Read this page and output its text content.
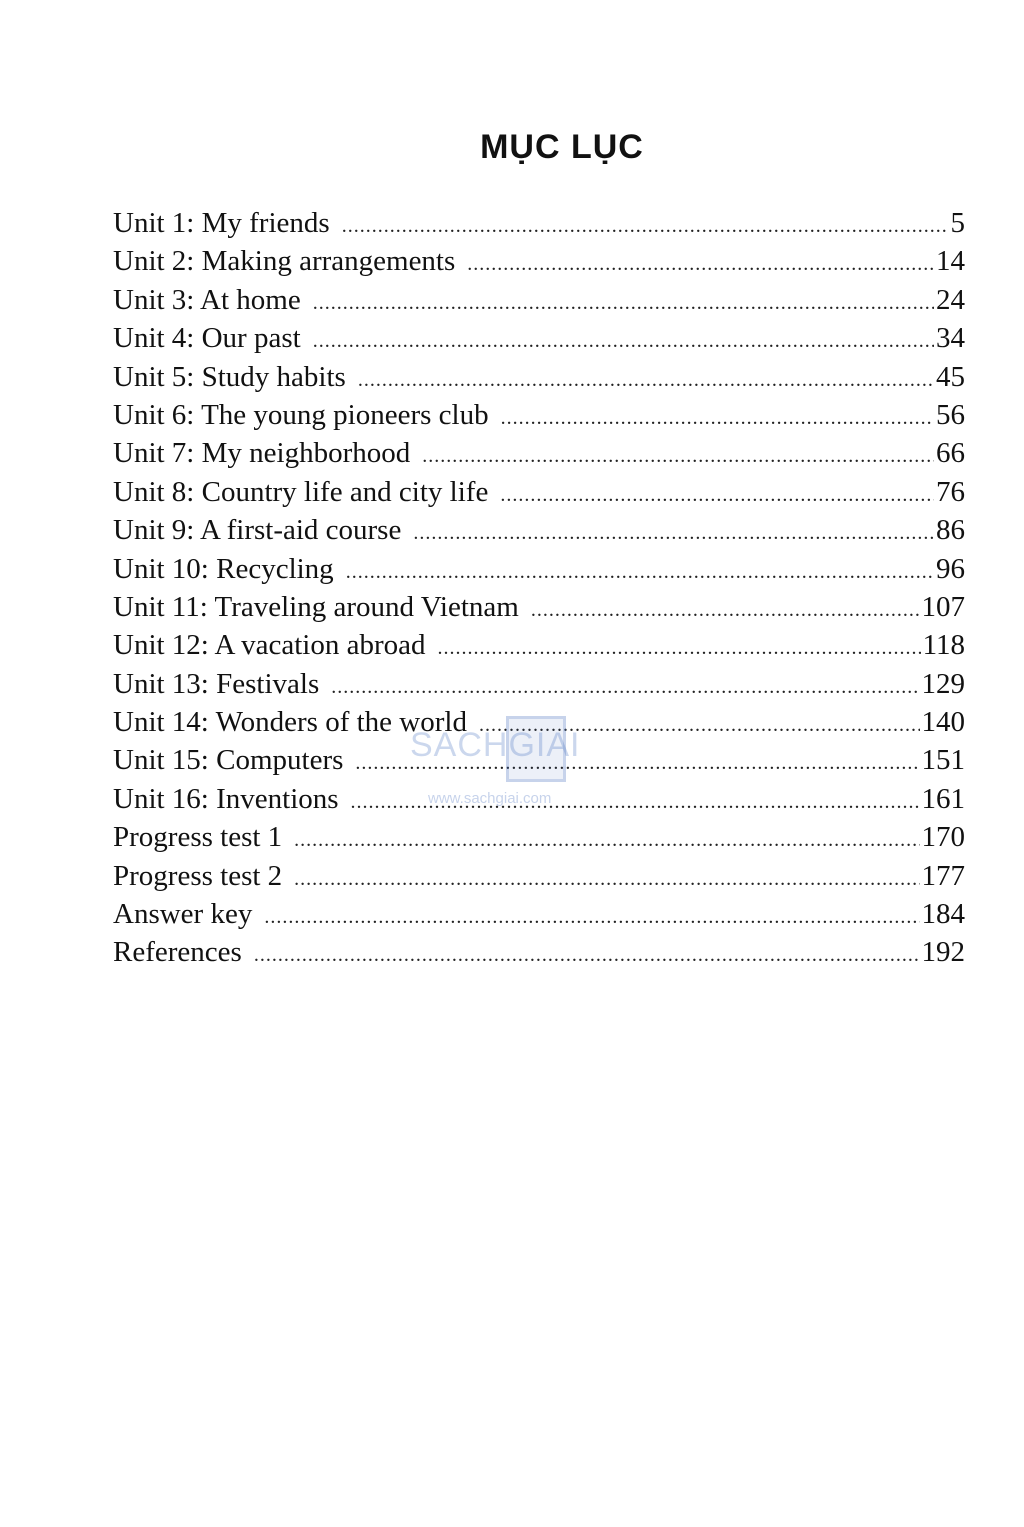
MỤC LỤC
Unit 1: My friends .....	5
Unit 2: Making arrangements .....	14
Unit 3: At home .....	24
Unit 4: Our past .....	34
Unit 5: Study habits .....	45
Unit 6: The young pioneers club .....	56
Unit 7: My neighborhood .....	66
Unit 8: Country life and city life .....	76
Unit 9: A first-aid course .....	86
Unit 10: Recycling .....	96
Unit 11: Traveling around Vietnam .....	107
Unit 12: A vacation abroad .....	118
Unit 13: Festivals .....	129
Unit 14: Wonders of the world .....	140
Unit 15: Computers .....	151
Unit 16: Inventions .....	161
Progress test 1 .....	170
Progress test 2 .....	177
Answer key .....	184
References .....	192
SACHGIAI
www.sachgiai.com
